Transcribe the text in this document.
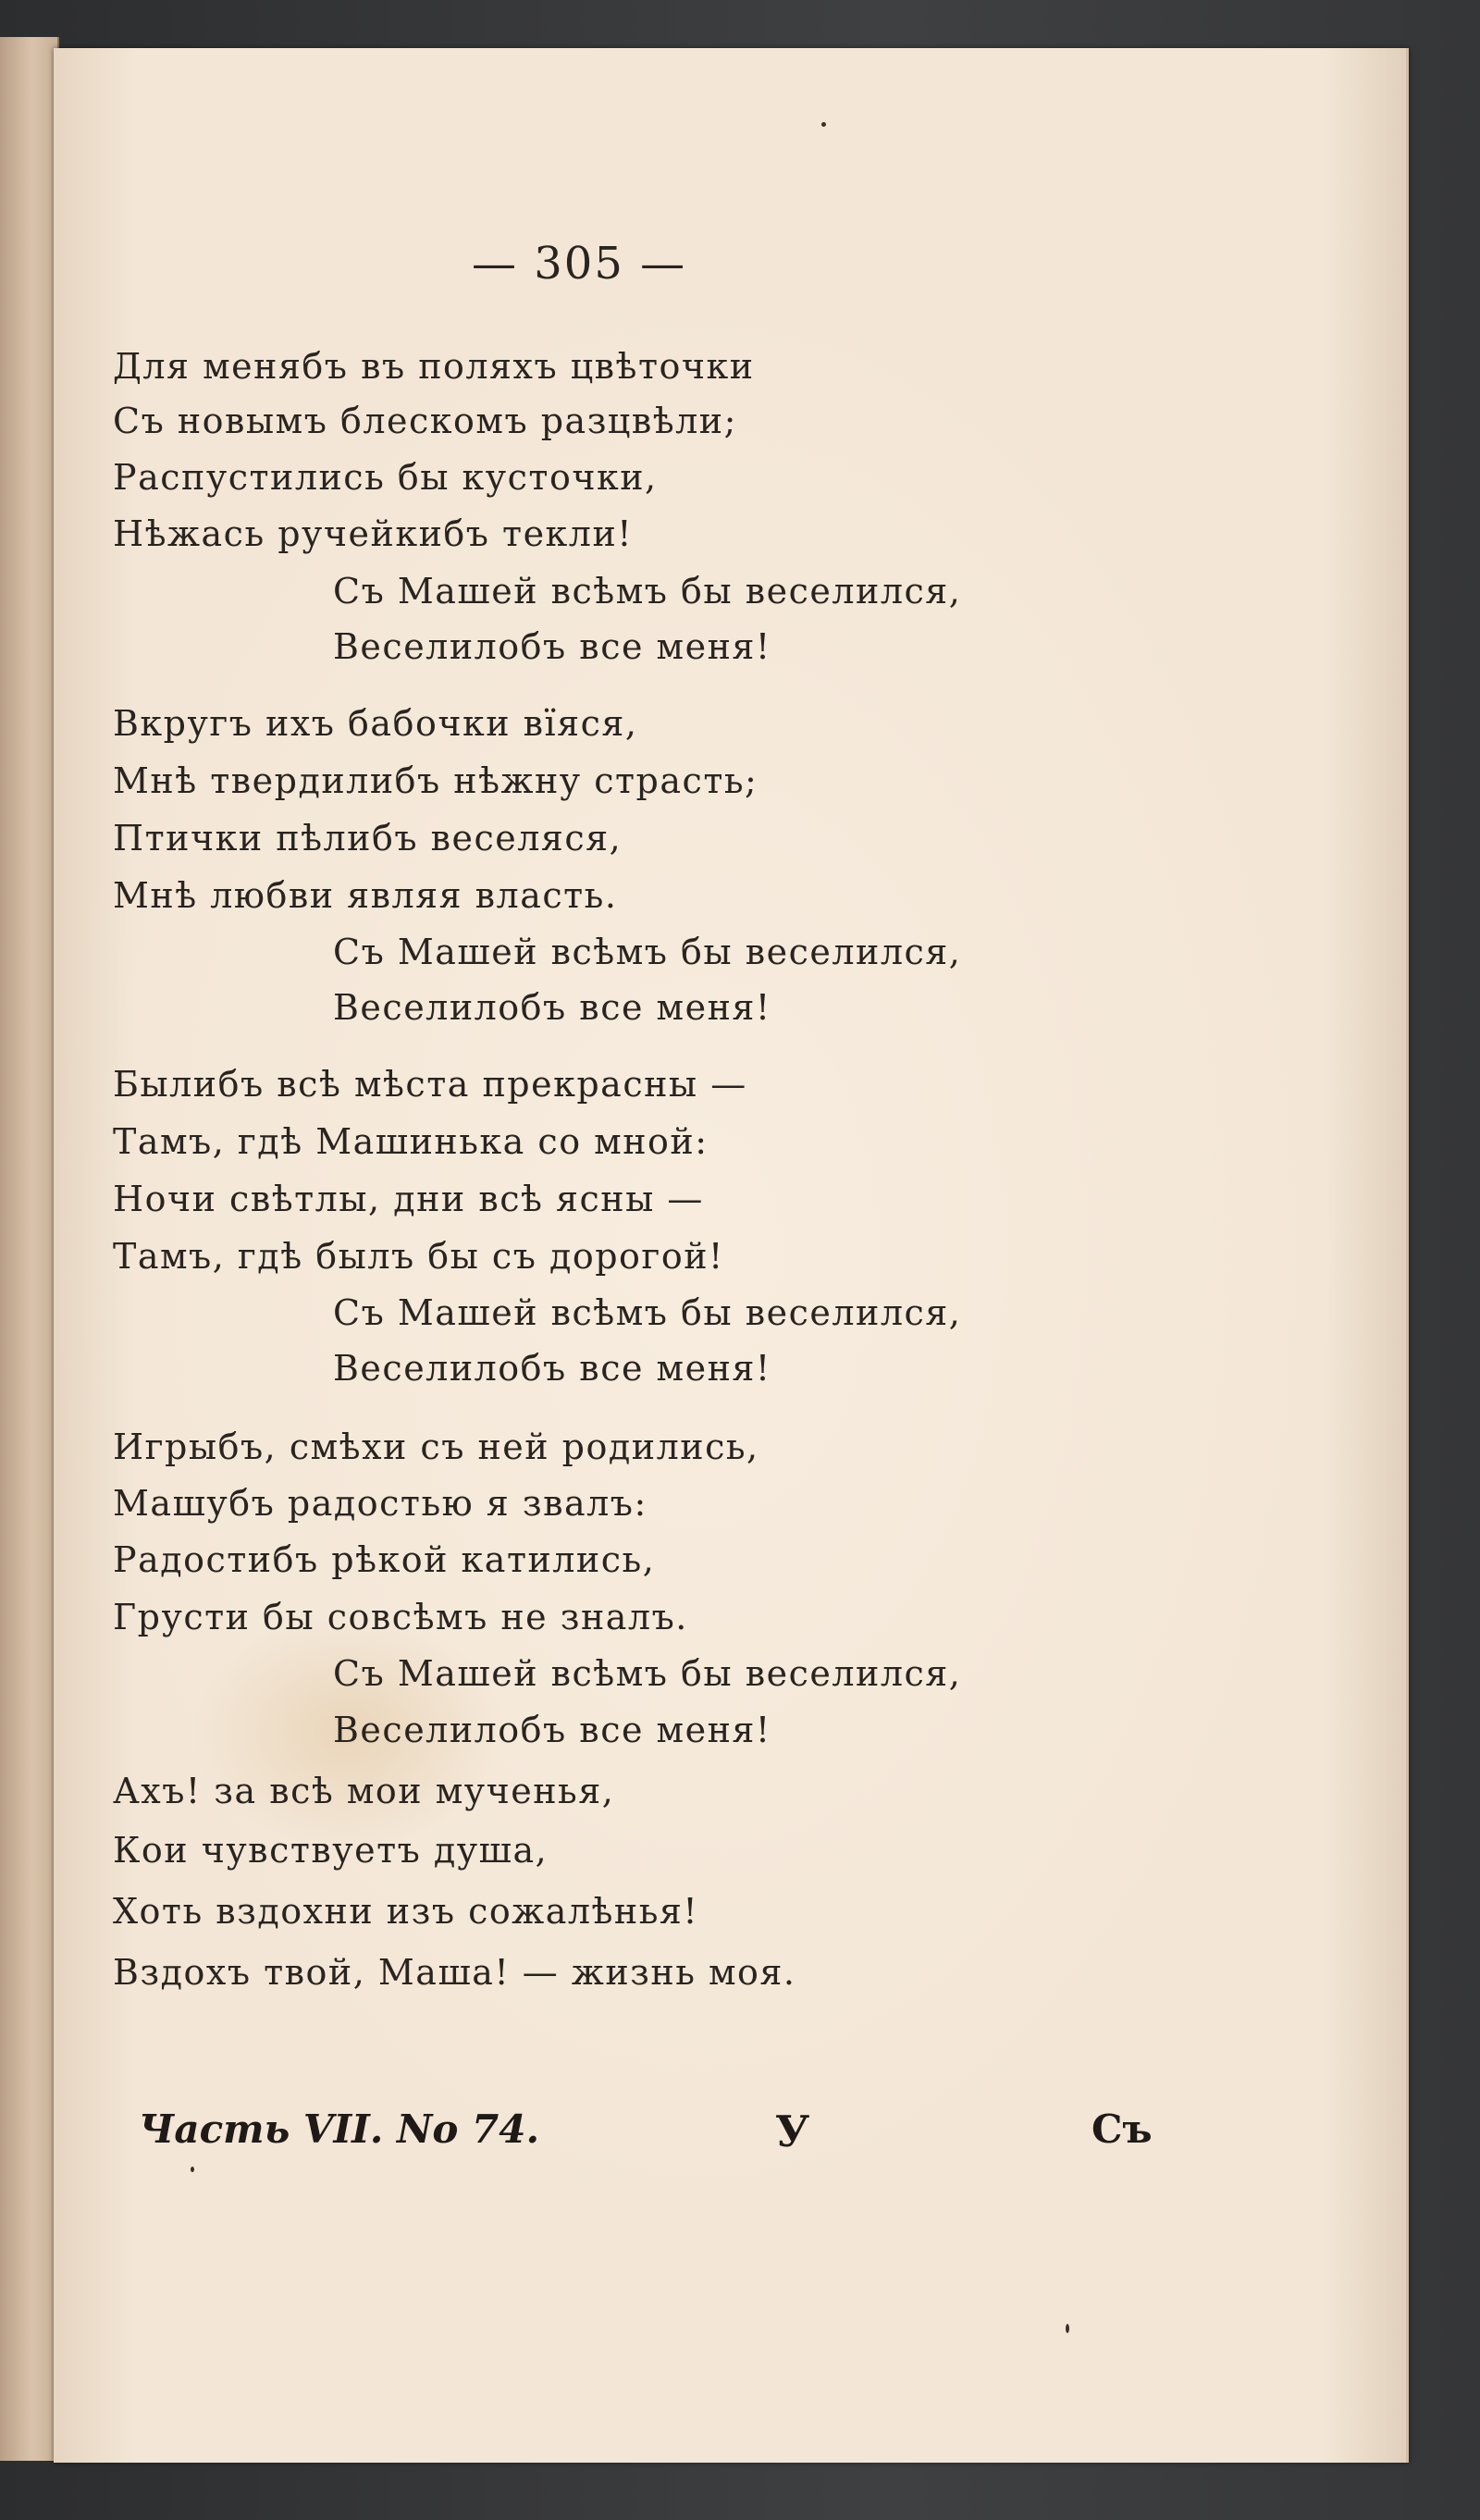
— 305 —
Для менябъ въ поляхъ цвѣточки
Съ новымъ блескомъ разцвѣли;
Распустились бы кусточки,
Нѣжась ручейкибъ текли!
Съ Машей всѣмъ бы веселился,
Веселилобъ все меня!
Вкругъ ихъ бабочки вїяся,
Мнѣ твердилибъ нѣжну страсть;
Птички пѣлибъ веселяся,
Мнѣ любви являя власть.
Съ Машей всѣмъ бы веселился,
Веселилобъ все меня!
Былибъ всѣ мѣста прекрасны —
Тамъ, гдѣ Машинька со мной:
Ночи свѣтлы, дни всѣ ясны —
Тамъ, гдѣ былъ бы съ дорогой!
Съ Машей всѣмъ бы веселился,
Веселилобъ все меня!
Игрыбъ, смѣхи съ ней родились,
Машубъ радостью я звалъ:
Радостибъ рѣкой катились,
Грусти бы совсѣмъ не зналъ.
Съ Машей всѣмъ бы веселился,
Веселилобъ все меня!
Ахъ! за всѣ мои мученья,
Кои чувствуетъ душа,
Хоть вздохни изъ сожалѣнья!
Вздохъ твой, Маша! — жизнь моя.
Часть VII. No 74.	У	Съ
